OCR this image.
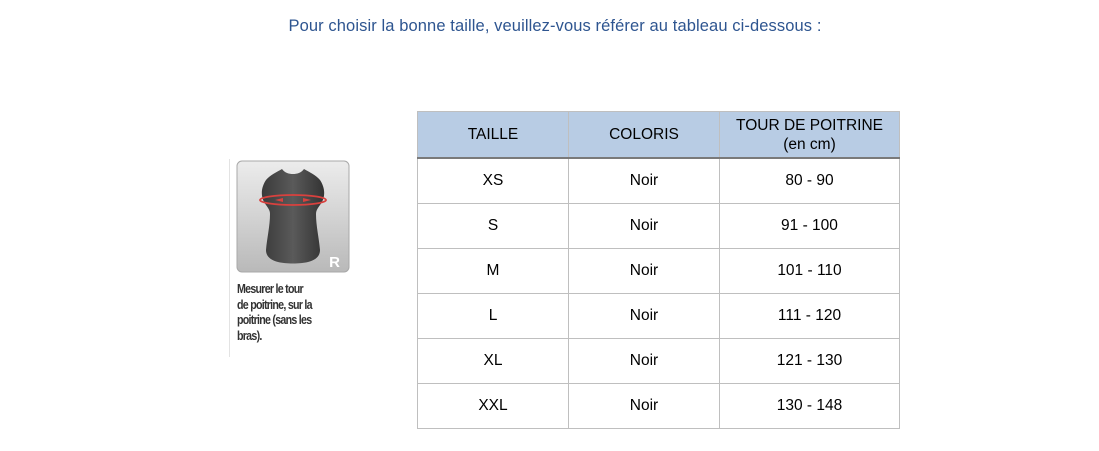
Pour choisir la bonne taille, veuillez-vous référer au tableau ci-dessous :
R
Mesurer le tour
de poitrine, sur la
poitrine (sans les
bras).
TAILLE	COLORIS	TOUR DE POITRINE
(en cm)

XS	Noir	80 - 90
S	Noir	91 - 100
M	Noir	101 - 110
L	Noir	111 - 120
XL	Noir	121 - 130
XXL	Noir	130 - 148
